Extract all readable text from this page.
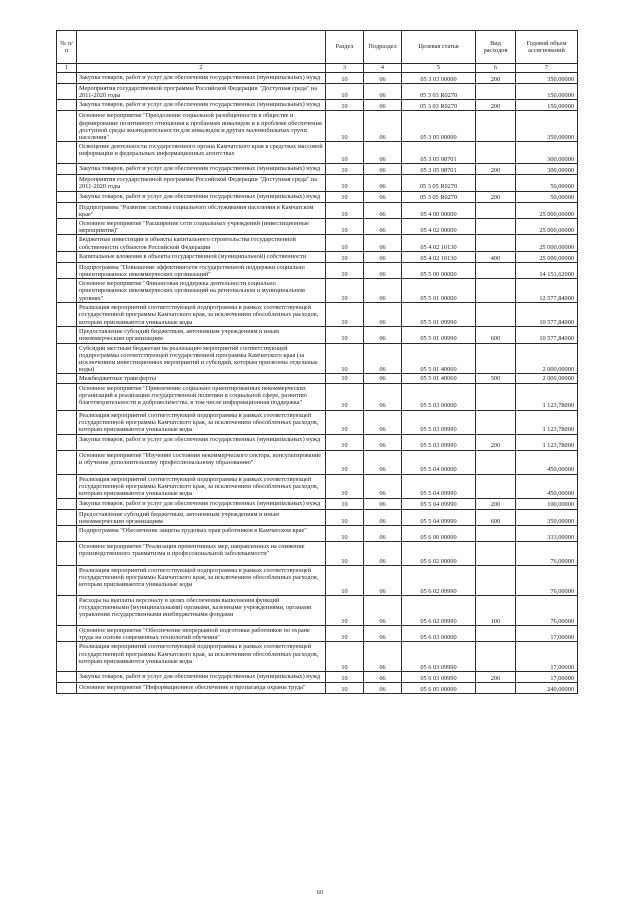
№ п/п		Раздел	Подраздел	Целевая статья	Вид расходов	Годовой объем ассигнований
1	2	3	4	5	6	7
	Закупка товаров, работ и услуг для обеспечения государственных (муниципальных) нужд	10	06	05 3 03 00000	200	350,00000
	Мероприятия государственной программы Российской Федерации "Доступная среда" на 2011-2020 годы	10	06	05 3 03 R0270		150,00000
	Закупка товаров, работ и услуг для обеспечения государственных (муниципальных) нужд	10	06	05 3 03 R0270	200	150,00000
	Основное мероприятие "Преодоление социальной разобщенности в обществе и формирование позитивного отношения к проблемам инвалидов и к проблеме обеспечения доступной среды жизнедеятельности для инвалидов и других маломобильных групп населения"	10	06	05 3 05 00000		350,00000
	Освещение деятельности государственного органа Камчатского края в средствах массовой информации и федеральных информационных агентствах	10	06	05 3 05 98701		300,00000
	Закупка товаров, работ и услуг для обеспечения государственных (муниципальных) нужд	10	06	05 3 05 98701	200	300,00000
	Мероприятия государственной программы Российской Федерации "Доступная среда" на 2011-2020 годы	10	06	05 3 05 R0270		50,00000
	Закупка товаров, работ и услуг для обеспечения государственных (муниципальных) нужд	10	06	05 3 05 R0270	200	50,00000
	Подпрограмма "Развитие системы социального обслуживания населения в Камчатском крае"	10	06	05 4 00 00000		25 000,00000
	Основное мероприятие "Расширение сети социальных учреждений (инвестиционные мероприятия)"	10	06	05 4 02 00000		25 000,00000
	Бюджетные инвестиции в объекты капитального строительства государственной собственности субъектов Российской Федерации	10	06	05 4 02 10130		25 000,00000
	Капитальные вложения в объекты государственной (муниципальной) собственности	10	06	05 4 02 10130	400	25 000,00000
	Подпрограмма "Повышение эффективности государственной поддержки социально ориентированных некоммерческих организаций"	10	06	05 5 00 00000		14 151,62000
	Основное мероприятие "Финансовая поддержка деятельности социально ориентированных некоммерческих организаций на региональном и муниципальном уровнях"	10	06	05 5 01 00000		12 577,84000
	Реализация мероприятий соответствующей подпрограммы в рамках соответствующей государственной программы Камчатского края, за исключением обособленных расходов, которым присваиваются уникальные коды	10	06	05 5 01 09990		10 577,84000
	Предоставление субсидий бюджетным, автономным учреждениям и иным некоммерческим организациям	10	06	05 5 01 09990	600	10 577,84000
	Субсидии местным бюджетам на реализацию мероприятий соответствующей подпрограммы соответствующей государственной программы Камчатского края (за исключением инвестиционных мероприятий и субсидий, которым присвоены отдельные коды)	10	06	05 5 01 40060		2 000,00000
	Межбюджетные трансферты	10	06	05 5 01 40060	500	2 000,00000
	Основное мероприятие "Привлечение социально ориентированных некоммерческих организаций к реализации государственной политики в социальной сфере, развитию благотворительности и добровольчества, в том числе информационная поддержка"	10	06	05 5 03 00000		1 123,78000
	Реализация мероприятий соответствующей подпрограммы в рамках соответствующей государственной программы Камчатского края, за исключением обособленных расходов, которым присваиваются уникальные коды	10	06	05 5 03 09990		1 123,78000
	Закупка товаров, работ и услуг для обеспечения государственных (муниципальных) нужд	10	06	05 5 03 09990	200	1 123,78000
	Основное мероприятие "Изучение состояния некоммерческого сектора, консультирование и обучение дополнительному профессиональному образованию"	10	06	05 5 04 00000		450,00000
	Реализация мероприятий соответствующей подпрограммы в рамках соответствующей государственной программы Камчатского края, за исключением обособленных расходов, которым присваиваются уникальные коды	10	06	05 5 04 09990		450,00000
	Закупка товаров, работ и услуг для обеспечения государственных (муниципальных) нужд	10	06	05 5 04 09990	200	100,00000
	Предоставление субсидий бюджетным, автономным учреждениям и иным некоммерческим организациям	10	06	05 5 04 09990	600	350,00000
	Подпрограмма "Обеспечение защиты трудовых прав работников в Камчатском крае"	10	06	05 6 00 00000		333,00000
	Основное мероприятие "Реализация превентивных мер, направленных на снижение производственного травматизма и профессиональной заболеваемости"	10	06	05 6 02 00000		76,00000
	Реализация мероприятий соответствующей подпрограммы в рамках соответствующей государственной программы Камчатского края, за исключением обособленных расходов, которым присваиваются уникальные коды	10	06	05 6 02 09990		76,00000
	Расходы на выплаты персоналу в целях обеспечения выполнения функций государственными (муниципальными) органами, казенными учреждениями, органами управления государственными внебюджетными фондами	10	06	05 6 02 09990	100	76,00000
	Основное мероприятие "Обеспечение непрерывной подготовки работников по охране труда на основе современных технологий обучения"	10	06	05 6 03 00000		17,00000
	Реализация мероприятий соответствующей подпрограммы в рамках соответствующей государственной программы Камчатского края, за исключением обособленных расходов, которым присваиваются уникальные коды	10	06	05 6 03 09990		17,00000
	Закупка товаров, работ и услуг для обеспечения государственных (муниципальных) нужд	10	06	05 6 03 09990	200	17,00000
	Основное мероприятие "Информационное обеспечение и пропаганда охраны труда"	10	06	05 6 05 00000		240,00000
60
